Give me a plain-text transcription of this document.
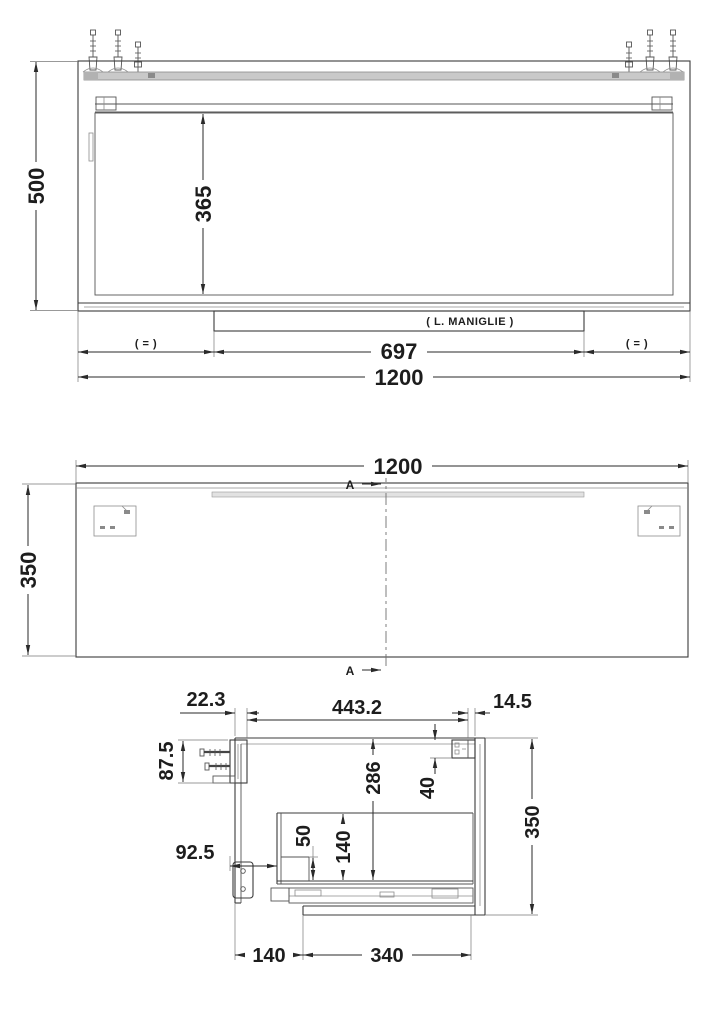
( L. MANIGLIE )
500	365
697
( = )	( = )
1200
A
A
1200
350
22.3	443.2	14.5
87.5	286 40
92.5
50 140
350
140	340
